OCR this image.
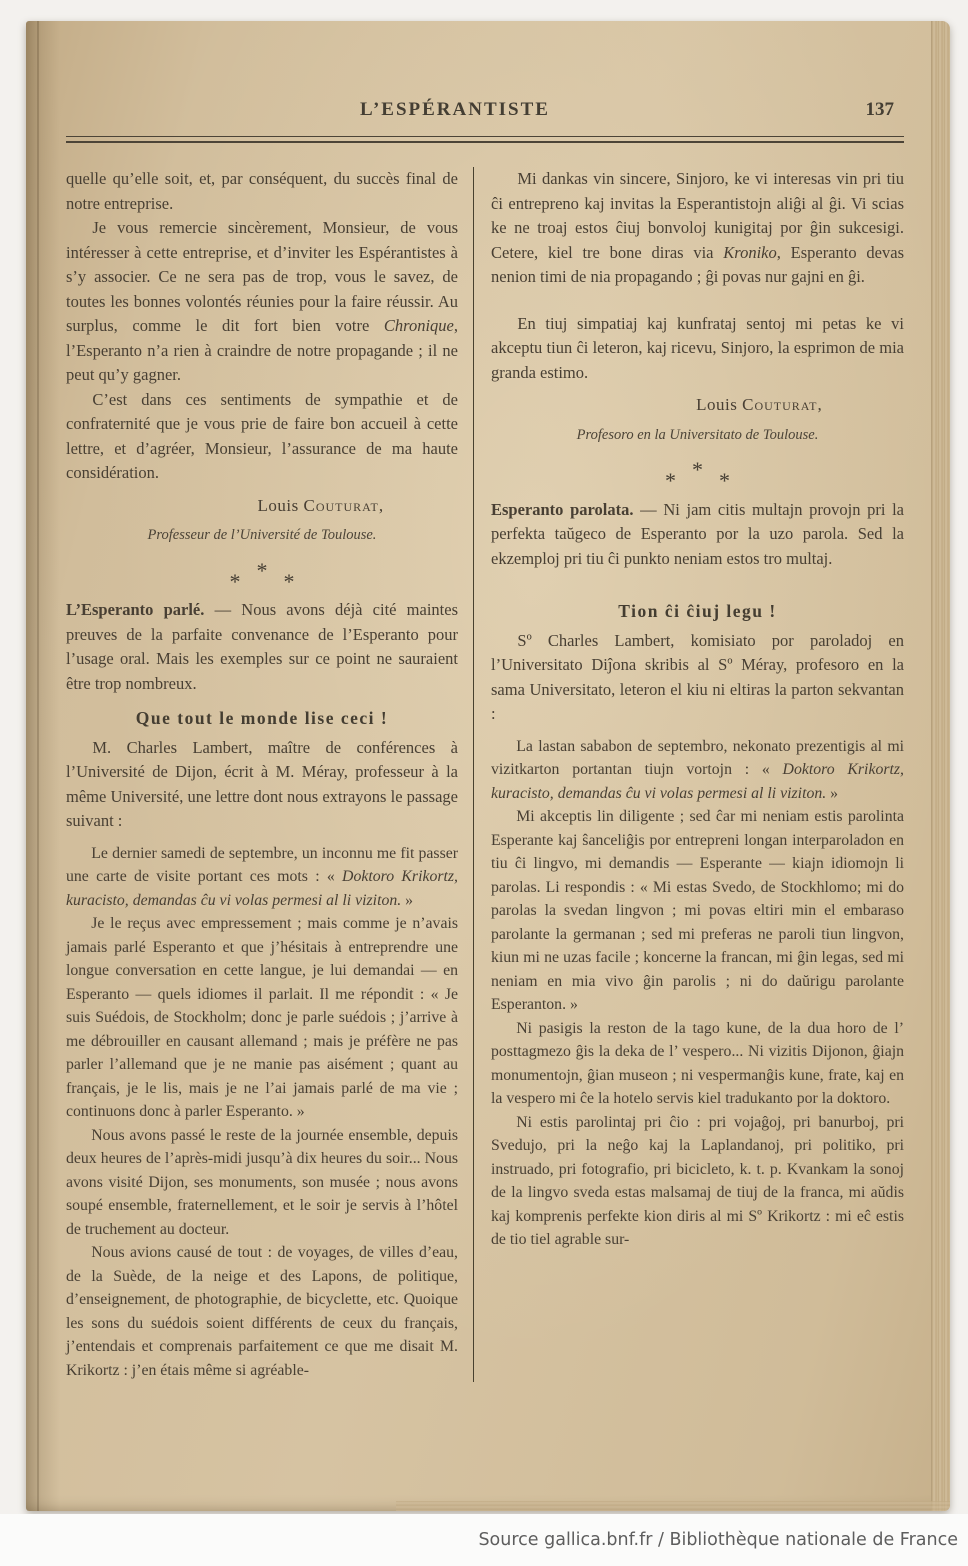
L’ESPÉRANTISTE	137

quelle qu’elle soit, et, par conséquent, du succès final de notre entreprise.

Je vous remercie sincèrement, Monsieur, de vous intéresser à cette entreprise, et d’inviter les Espérantistes à s’y associer. Ce ne sera pas de trop, vous le savez, de toutes les bonnes volontés réunies pour la faire réussir. Au surplus, comme le dit fort bien votre Chronique, l’Esperanto n’a rien à craindre de notre propagande ; il ne peut qu’y gagner.

C’est dans ces sentiments de sympathie et de confraternité que je vous prie de faire bon accueil à cette lettre, et d’agréer, Monsieur, l’assurance de ma haute considération.

Louis Couturat,
Professeur de l’Université de Toulouse.
* * *

L’Esperanto parlé. — Nous avons déjà cité maintes preuves de la parfaite convenance de l’Esperanto pour l’usage oral. Mais les exemples sur ce point ne sauraient être trop nombreux.

Que tout le monde lise ceci !

M. Charles Lambert, maître de conférences à l’Université de Dijon, écrit à M. Méray, professeur à la même Université, une lettre dont nous extrayons le passage suivant :

Le dernier samedi de septembre, un inconnu me fit passer une carte de visite portant ces mots : « Doktoro Krikortz, kuracisto, demandas ĉu vi volas permesi al li viziton. »

Je le reçus avec empressement ; mais comme je n’avais jamais parlé Esperanto et que j’hésitais à entreprendre une longue conversation en cette langue, je lui demandai — en Esperanto — quels idiomes il parlait. Il me répondit : « Je suis Suédois, de Stockholm; donc je parle suédois ; j’arrive à me débrouiller en causant allemand ; mais je préfère ne pas parler l’allemand que je ne manie pas aisément ; quant au français, je le lis, mais je ne l’ai jamais parlé de ma vie ; continuons donc à parler Esperanto. »

Nous avons passé le reste de la journée ensemble, depuis deux heures de l’après-midi jusqu’à dix heures du soir... Nous avons visité Dijon, ses monuments, son musée ; nous avons soupé ensemble, fraternellement, et le soir je servis à l’hôtel de truchement au docteur.

Nous avions causé de tout : de voyages, de villes d’eau, de la Suède, de la neige et des Lapons, de politique, d’enseignement, de photographie, de bicyclette, etc. Quoique les sons du suédois soient différents de ceux du français, j’entendais et comprenais parfaitement ce que me disait M. Krikortz : j’en étais même si agréable-

Mi dankas vin sincere, Sinjoro, ke vi interesas vin pri tiu ĉi entrepreno kaj invitas la Esperantistojn aliĝi al ĝi. Vi scias ke ne troaj estos ĉiuj bonvoloj kunigitaj por ĝin sukcesigi. Cetere, kiel tre bone diras via Kroniko, Esperanto devas nenion timi de nia propagando ; ĝi povas nur gajni en ĝi.

En tiuj simpatiaj kaj kunfrataj sentoj mi petas ke vi akceptu tiun ĉi leteron, kaj ricevu, Sinjoro, la esprimon de mia granda estimo.

Louis Couturat,
Profesoro en la Universitato de Toulouse.
* * *

Esperanto parolata. — Ni jam citis multajn provojn pri la perfekta taŭgeco de Esperanto por la uzo parola. Sed la ekzemploj pri tiu ĉi punkto neniam estos tro multaj.

Tion ĉi ĉiuj legu !

Sº Charles Lambert, komisiato por paroladoj en l’Universitato Diĵona skribis al Sº Méray, profesoro en la sama Universitato, leteron el kiu ni eltiras la parton sekvantan :

La lastan sababon de septembro, nekonato prezentigis al mi vizitkarton portantan tiujn vortojn : « Doktoro Krikortz, kuracisto, demandas ĉu vi volas permesi al li viziton. »

Mi akceptis lin diligente ; sed ĉar mi neniam estis parolinta Esperante kaj ŝanceliĝis por entrepreni longan interparoladon en tiu ĉi lingvo, mi demandis — Esperante — kiajn idiomojn li parolas. Li respondis : « Mi estas Svedo, de Stockhlomo; mi do parolas la svedan lingvon ; mi povas eltiri min el embaraso parolante la germanan ; sed mi preferas ne paroli tiun lingvon, kiun mi ne uzas facile ; koncerne la francan, mi ĝin legas, sed mi neniam en mia vivo ĝin parolis ; ni do daŭrigu parolante Esperanton. »

Ni pasigis la reston de la tago kune, de la dua horo de l’ posttagmezo ĝis la deka de l’ vespero... Ni vizitis Dijonon, ĝiajn monumentojn, ĝian museon ; ni vespermanĝis kune, frate, kaj en la vespero mi ĉe la hotelo servis kiel tradukanto por la doktoro.

Ni estis parolintaj pri ĉio : pri vojaĝoj, pri banurboj, pri Svedujo, pri la neĝo kaj la Laplandanoj, pri politiko, pri instruado, pri fotografio, pri bicicleto, k. t. p. Kvankam la sonoj de la lingvo sveda estas malsamaj de tiuj de la franca, mi aŭdis kaj komprenis perfekte kion diris al mi Sº Krikortz : mi eĉ estis de tio tiel agrable sur-

Source gallica.bnf.fr / Bibliothèque nationale de France
